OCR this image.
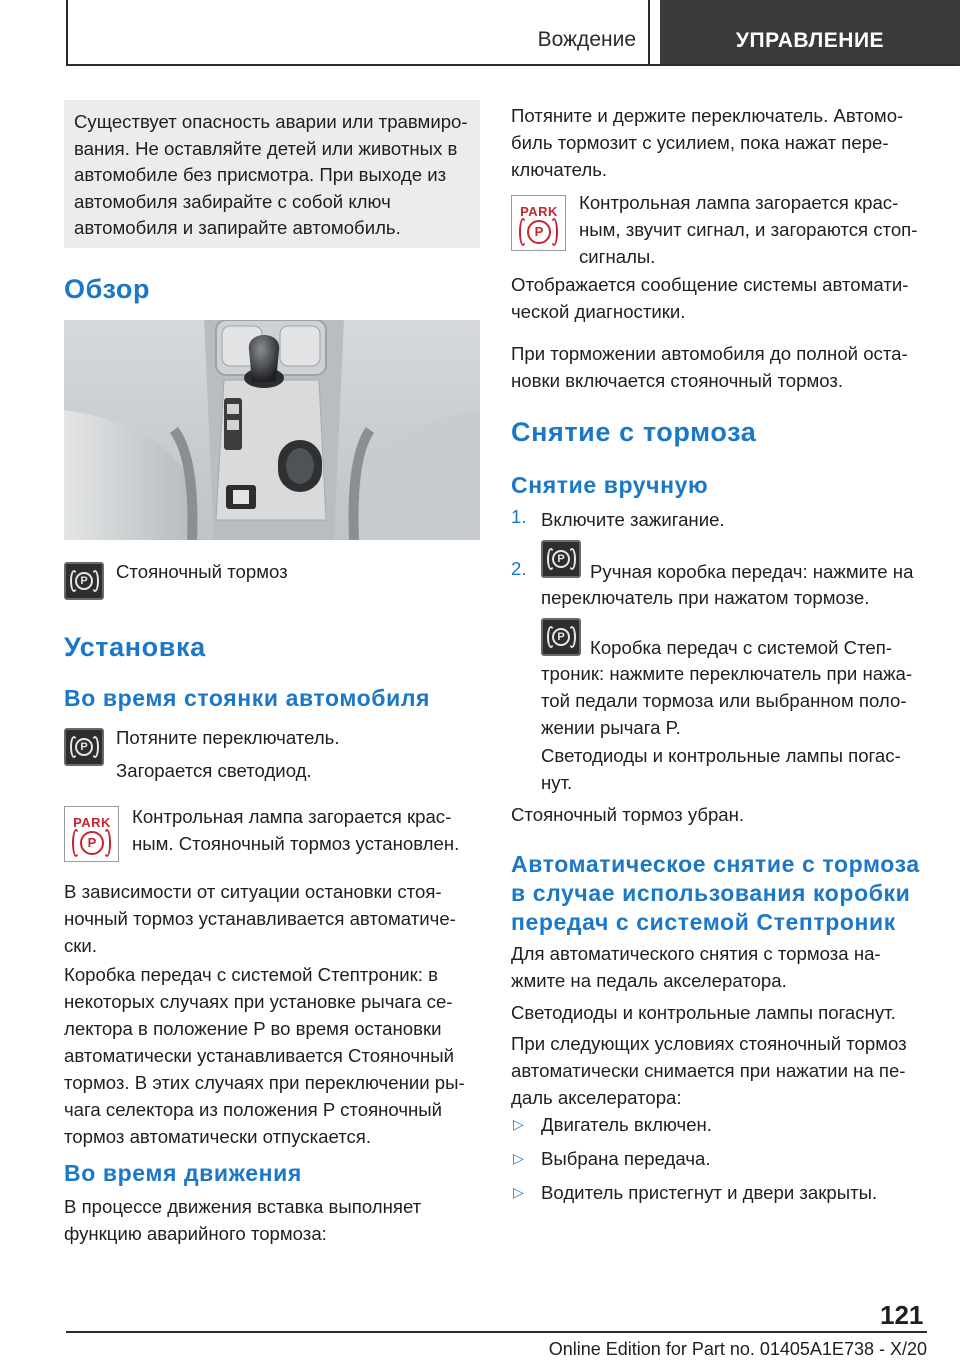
Вождение	УПРАВЛЕНИЕ
Существует опасность аварии или травмиро-
вания. Не оставляйте детей или животных в
автомобиле без присмотра. При выходе из
автомобиля забирайте с собой ключ
автомобиля и запирайте автомобиль.
Обзор
P Стояночный тормоз
Установка
Во время стоянки автомобиля
P Потяните переключатель.
Загорается светодиод.
PARK
P
Контрольная лампа загорается крас-
ным. Стояночный тормоз установлен.
В зависимости от ситуации остановки стоя-
ночный тормоз устанавливается автоматиче-
ски.
Коробка передач с системой Стептроник: в
некоторых случаях при установке рычага се-
лектора в положение P во время остановки
автоматически устанавливается Стояночный
тормоз. В этих случаях при переключении ры-
чага селектора из положения P стояночный
тормоз автоматически отпускается.
Во время движения
В процессе движения вставка выполняет
функцию аварийного тормоза:
Потяните и держите переключатель. Автомо-
биль тормозит с усилием, пока нажат пере-
ключатель.
PARK
P
Контрольная лампа загорается крас-
ным, звучит сигнал, и загораются стоп-
сигналы.
Отображается сообщение системы автомати-
ческой диагностики.
При торможении автомобиля до полной оста-
новки включается стояночный тормоз.
Снятие с тормоза
Снятие вручную
1. Включите зажигание.
2.	P
Ручная коробка передач: нажмите на
переключатель при нажатом тормозе.
P Коробка передач с системой Степ-
троник: нажмите переключатель при нажа-
той педали тормоза или выбранном поло-
жении рычага P.
Светодиоды и контрольные лампы погас-
нут.
Стояночный тормоз убран.
Автоматическое снятие с тормоза
в случае использования коробки
передач с системой Стептроник
Для автоматического снятия с тормоза на-
жмите на педаль акселератора.
Светодиоды и контрольные лампы погаснут.
При следующих условиях стояночный тормоз
автоматически снимается при нажатии на пе-
даль акселератора:
▷ Двигатель включен.
▷ Выбрана передача.
▷ Водитель пристегнут и двери закрыты.
121
Online Edition for Part no. 01405A1E738 - X/20
